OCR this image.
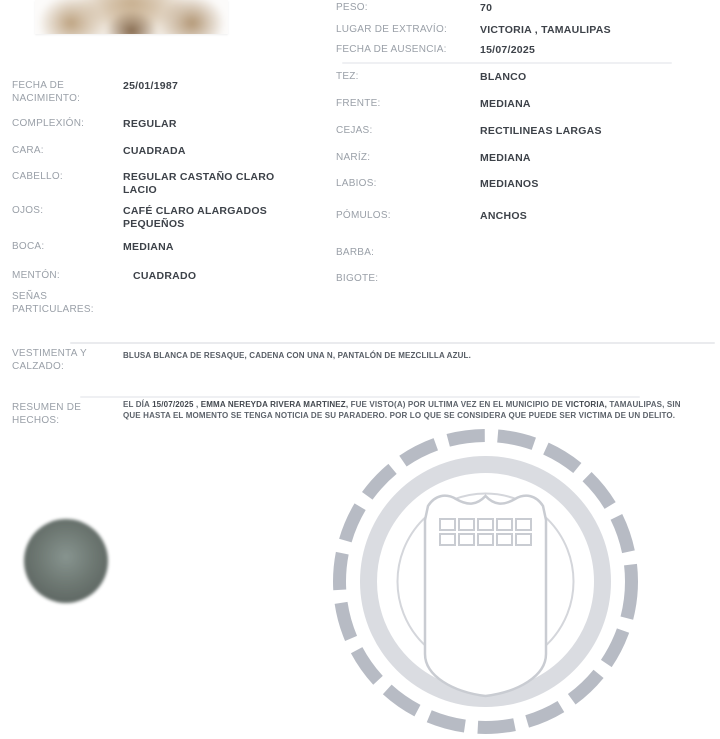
PESO:	70
LUGAR DE EXTRAVÍO:	VICTORIA , TAMAULIPAS
FECHA DE AUSENCIA:	15/07/2025
FECHA DE NACIMIENTO:
25/01/1987
COMPLEXIÓN:	REGULAR
CARA:	CUADRADA
CABELLO:	REGULAR CASTAÑO CLARO LACIO
OJOS:	CAFÉ CLARO ALARGADOS PEQUEÑOS
BOCA:	MEDIANA
MENTÓN:	CUADRADO
SEÑAS PARTICULARES:
TEZ:	BLANCO
FRENTE:	MEDIANA
CEJAS:	RECTILINEAS LARGAS
NARÍZ:	MEDIANA
LABIOS:	MEDIANOS
PÓMULOS:	ANCHOS
BARBA:
BIGOTE:
VESTIMENTA Y CALZADO:
BLUSA BLANCA DE RESAQUE, CADENA CON UNA N, PANTALÓN DE MEZCLILLA AZUL.
RESUMEN DE HECHOS:
EL DÍA 15/07/2025 , EMMA NEREYDA RIVERA MARTINEZ, FUE VISTO(A) POR ULTIMA VEZ EN EL MUNICIPIO DE VICTORIA, TAMAULIPAS, SIN QUE HASTA EL MOMENTO SE TENGA NOTICIA DE SU PARADERO. POR LO QUE SE CONSIDERA QUE PUEDE SER VICTIMA DE UN DELITO.
